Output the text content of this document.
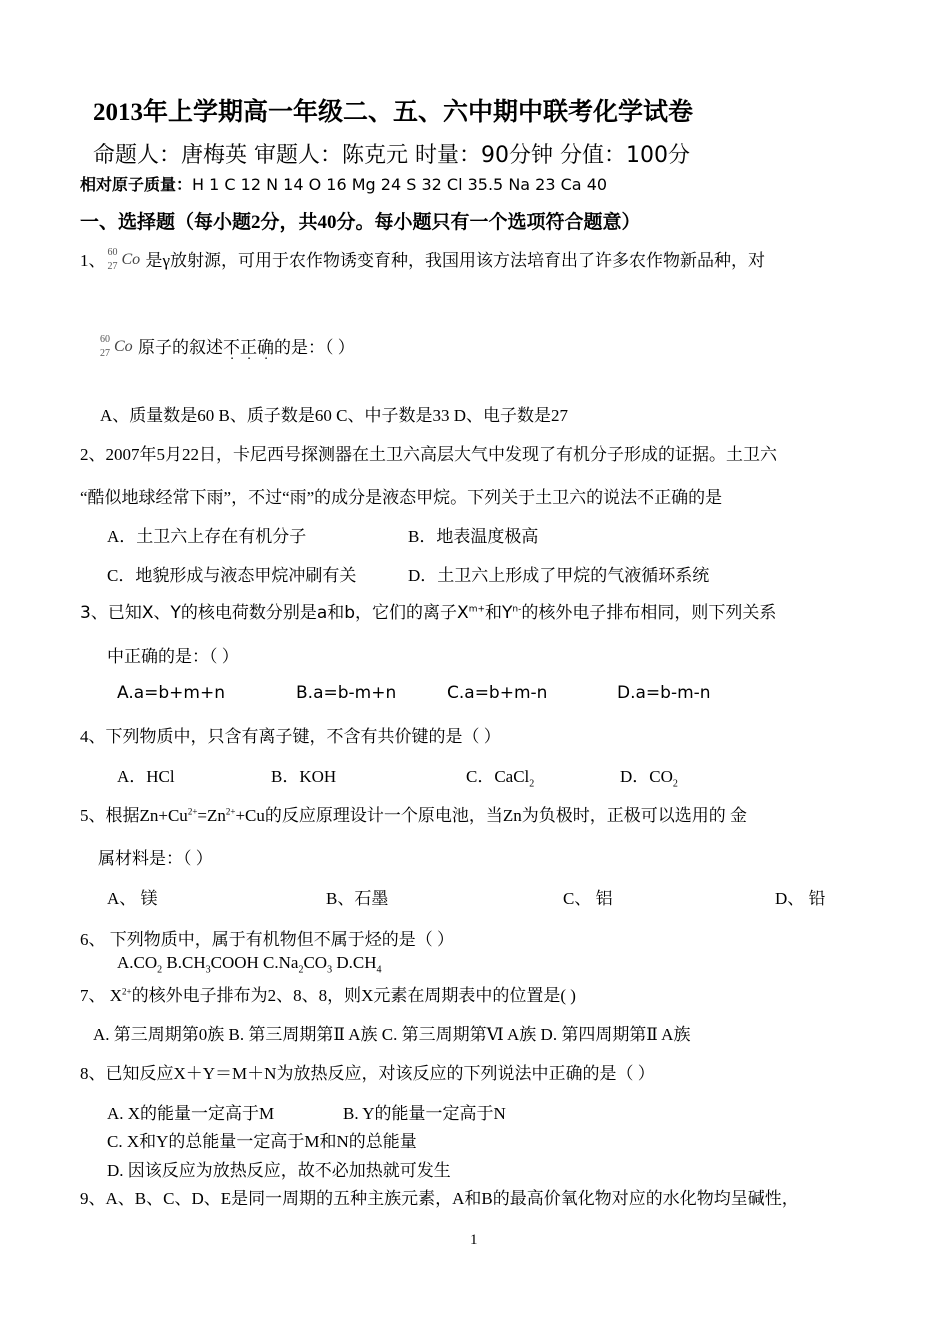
2013年上学期高一年级二、五、六中期中联考化学试卷
命题人：唐梅英 审题人：陈克元 时量：90分钟 分值：100分
相对原子质量：H 1 C 12 N 14 O 16 Mg 24 S 32 Cl 35.5 Na 23 Ca 40
一、选择题（每小题2分，共40分。每小题只有一个选项符合题意）
1、 60
27 Co 是γ放射源，可用于农作物诱变育种，我国用该方法培育出了许多农作物新品种，对
60
27 Co 原子的叙述不正确的是：（ ）
A、质量数是60 B、质子数是60 C、中子数是33 D、电子数是27
2、2007年5月22日，卡尼西号探测器在土卫六高层大气中发现了有机分子形成的证据。土卫六
“酷似地球经常下雨”，不过“雨”的成分是液态甲烷。下列关于土卫六的说法不正确的是
A．土卫六上存在有机分子	B．地表温度极高
C．地貌形成与液态甲烷冲刷有关	D．土卫六上形成了甲烷的气液循环系统
3、已知X、Y的核电荷数分别是a和b，它们的离子$X^{m+}$和$Y^{n-}$的核外电子排布相同，则下列关系
中正确的是：（ ）
A.a=b+m+n	B.a=b-m+n	C.a=b+m-n	D.a=b-m-n
4、下列物质中，只含有离子键，不含有共价键的是（ ）
A．HCl	B．KOH	C．CaCl$_2$	D．$CO_2$
5、根据$Zn+Cu^{2+}=Zn^{2+}+Cu$的反应原理设计一个原电池，当Zn为负极时，正极可以选用的 金
属材料是：（ ）
A、 镁	B、石墨	C、 铝	D、 铅
6、 下列物质中，属于有机物但不属于烃的是（ ）
$A.CO_2$ $B.CH_3COOH$ $C.Na_2CO_3$ $D.CH_4$
7、 $X^{2+}$的核外电子排布为2、8、8，则X元素在周期表中的位置是( )
A. 第三周期第0族 B. 第三周期第Ⅱ A族 C. 第三周期第Ⅵ A族 D. 第四周期第Ⅱ A族
8、已知反应X＋Y＝M＋N为放热反应，对该反应的下列说法中正确的是（ ）
A. X的能量一定高于M	B. Y的能量一定高于N
C. X和Y的总能量一定高于M和N的总能量
D. 因该反应为放热反应，故不必加热就可发生
9、A、B、C、D、E是同一周期的五种主族元素，A和B的最高价氧化物对应的水化物均呈碱性，
1
